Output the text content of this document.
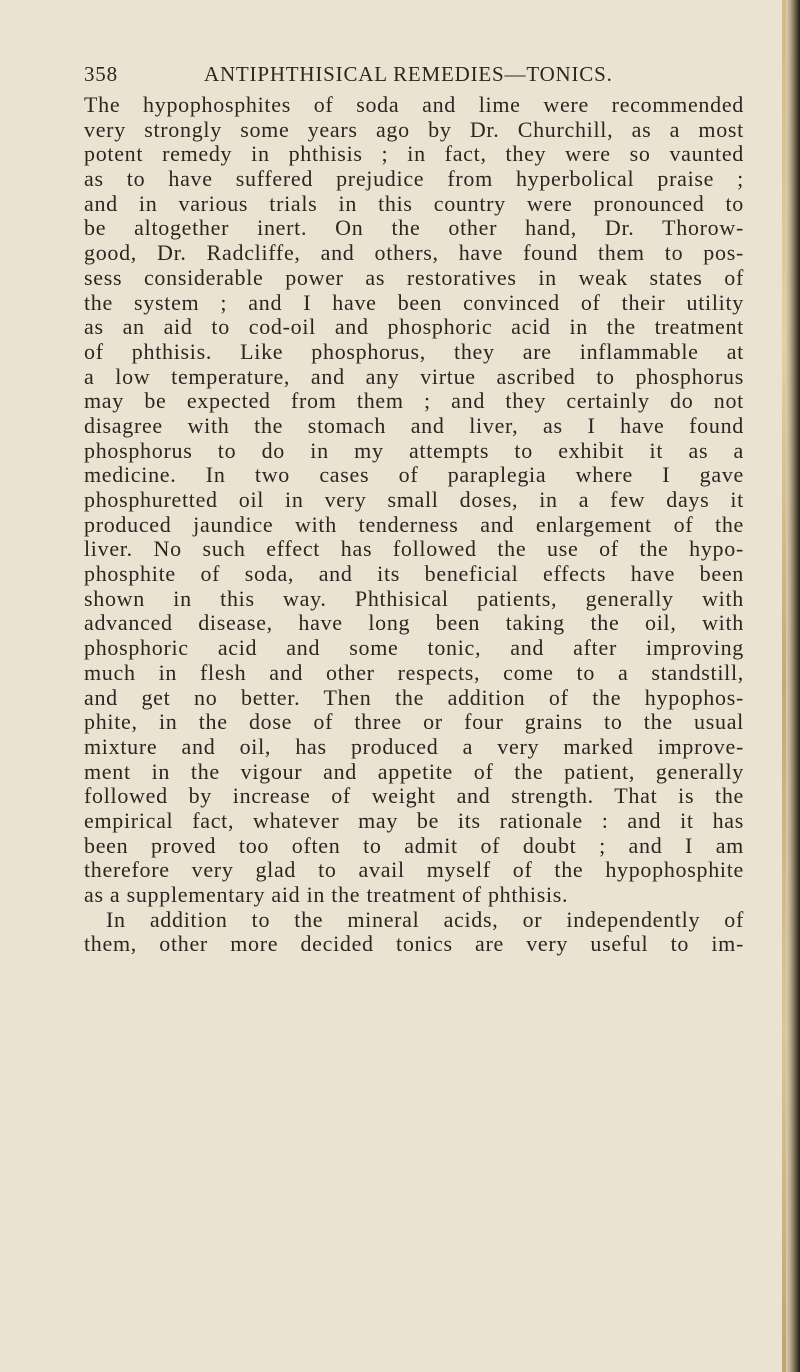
358	ANTIPHTHISICAL REMEDIES—TONICS.
The hypophosphites of soda and lime were recommended
very strongly some years ago by Dr. Churchill, as a most
potent remedy in phthisis ; in fact, they were so vaunted
as to have suffered prejudice from hyperbolical praise ;
and in various trials in this country were pronounced to
be altogether inert. On the other hand, Dr. Thorow-
good, Dr. Radcliffe, and others, have found them to pos-
sess considerable power as restoratives in weak states of
the system ; and I have been convinced of their utility
as an aid to cod-oil and phosphoric acid in the treatment
of phthisis. Like phosphorus, they are inflammable at
a low temperature, and any virtue ascribed to phosphorus
may be expected from them ; and they certainly do not
disagree with the stomach and liver, as I have found
phosphorus to do in my attempts to exhibit it as a
medicine. In two cases of paraplegia where I gave
phosphuretted oil in very small doses, in a few days it
produced jaundice with tenderness and enlargement of the
liver. No such effect has followed the use of the hypo-
phosphite of soda, and its beneficial effects have been
shown in this way. Phthisical patients, generally with
advanced disease, have long been taking the oil, with
phosphoric acid and some tonic, and after improving
much in flesh and other respects, come to a standstill,
and get no better. Then the addition of the hypophos-
phite, in the dose of three or four grains to the usual
mixture and oil, has produced a very marked improve-
ment in the vigour and appetite of the patient, generally
followed by increase of weight and strength. That is the
empirical fact, whatever may be its rationale : and it has
been proved too often to admit of doubt ; and I am
therefore very glad to avail myself of the hypophosphite
as a supplementary aid in the treatment of phthisis.
In addition to the mineral acids, or independently of
them, other more decided tonics are very useful to im-
